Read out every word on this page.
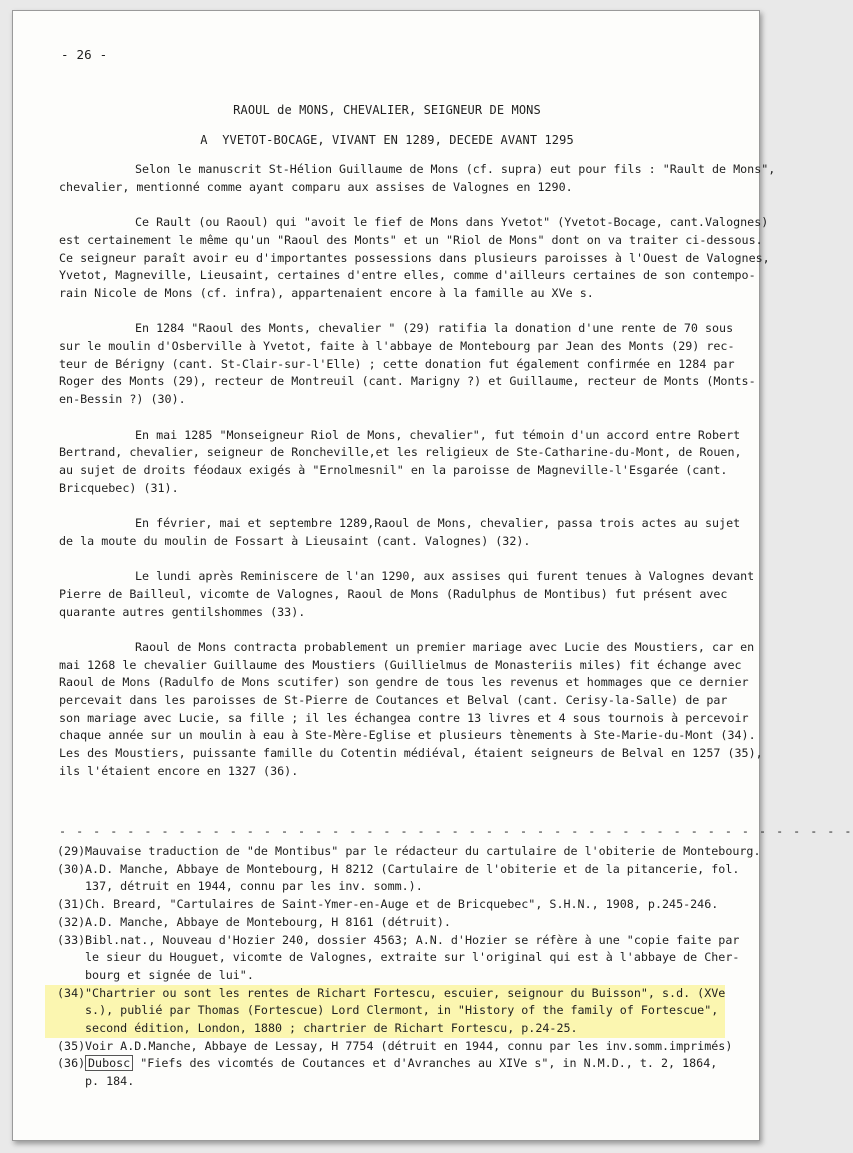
- 26 -
RAOUL de MONS, CHEVALIER, SEIGNEUR DE MONS
A  YVETOT-BOCAGE, VIVANT EN 1289, DECEDE AVANT 1295
Selon le manuscrit St-Hélion Guillaume de Mons (cf. supra) eut pour fils : "Rault de Mons",
chevalier, mentionné comme ayant comparu aux assises de Valognes en 1290.
Ce Rault (ou Raoul) qui "avoit le fief de Mons dans Yvetot" (Yvetot-Bocage, cant.Valognes)
est certainement le même qu'un "Raoul des Monts" et un "Riol de Mons" dont on va traiter ci-dessous.
Ce seigneur paraît avoir eu d'importantes possessions dans plusieurs paroisses à l'Ouest de Valognes,
Yvetot, Magneville, Lieusaint, certaines d'entre elles, comme d'ailleurs certaines de son contempo-
rain Nicole de Mons (cf. infra), appartenaient encore à la famille au XVe s.
En 1284 "Raoul des Monts, chevalier " (29) ratifia la donation d'une rente de 70 sous
sur le moulin d'Osberville à Yvetot, faite à l'abbaye de Montebourg par Jean des Monts (29) rec-
teur de Bérigny (cant. St-Clair-sur-l'Elle) ; cette donation fut également confirmée en 1284 par
Roger des Monts (29), recteur de Montreuil (cant. Marigny ?) et Guillaume, recteur de Monts (Monts-
en-Bessin ?) (30).
En mai 1285 "Monseigneur Riol de Mons, chevalier", fut témoin d'un accord entre Robert
Bertrand, chevalier, seigneur de Roncheville,et les religieux de Ste-Catharine-du-Mont, de Rouen,
au sujet de droits féodaux exigés à "Ernolmesnil" en la paroisse de Magneville-l'Esgarée (cant.
Bricquebec) (31).
En février, mai et septembre 1289,Raoul de Mons, chevalier, passa trois actes au sujet
de la moute du moulin de Fossart à Lieusaint (cant. Valognes) (32).
Le lundi après Reminiscere de l'an 1290, aux assises qui furent tenues à Valognes devant
Pierre de Bailleul, vicomte de Valognes, Raoul de Mons (Radulphus de Montibus) fut présent avec
quarante autres gentilshommes (33).
Raoul de Mons contracta probablement un premier mariage avec Lucie des Moustiers, car en
mai 1268 le chevalier Guillaume des Moustiers (Guillielmus de Monasteriis miles) fit échange avec
Raoul de Mons (Radulfo de Mons scutifer) son gendre de tous les revenus et hommages que ce dernier
percevait dans les paroisses de St-Pierre de Coutances et Belval (cant. Cerisy-la-Salle) de par
son mariage avec Lucie, sa fille ; il les échangea contre 13 livres et 4 sous tournois à percevoir
chaque année sur un moulin à eau à Ste-Mère-Eglise et plusieurs tènements à Ste-Marie-du-Mont (34).
Les des Moustiers, puissante famille du Cotentin médiéval, étaient seigneurs de Belval en 1257 (35),
ils l'étaient encore en 1327 (36).
- - - - - - - - - - - - - - - - - - - - - - - - - - - - - - - - - - - - - - - - - - - - - - -
(29) Mauvaise traduction de "de Montibus" par le rédacteur du cartulaire de l'obiterie de Montebourg.
(30) A.D. Manche, Abbaye de Montebourg, H 8212 (Cartulaire de l'obiterie et de la pitancerie, fol.
137, détruit en 1944, connu par les inv. somm.).
(31) Ch. Breard, "Cartulaires de Saint-Ymer-en-Auge et de Bricquebec", S.H.N., 1908, p.245-246.
(32) A.D. Manche, Abbaye de Montebourg, H 8161 (détruit).
(33) Bibl.nat., Nouveau d'Hozier 240, dossier 4563; A.N. d'Hozier se réfère à une "copie faite par
le sieur du Houguet, vicomte de Valognes, extraite sur l'original qui est à l'abbaye de Cher-
bourg et signée de lui".
(34) "Chartrier ou sont les rentes de Richart Fortescu, escuier, seignour du Buisson", s.d. (XVe
s.), publié par Thomas (Fortescue) Lord Clermont, in "History of the family of Fortescue",
second édition, London, 1880 ; chartrier de Richart Fortescu, p.24-25.
(35) Voir A.D.Manche, Abbaye de Lessay, H 7754 (détruit en 1944, connu par les inv.somm.imprimés)
(36) Dubosc "Fiefs des vicomtés de Coutances et d'Avranches au XIVe s", in N.M.D., t. 2, 1864,
p. 184.
